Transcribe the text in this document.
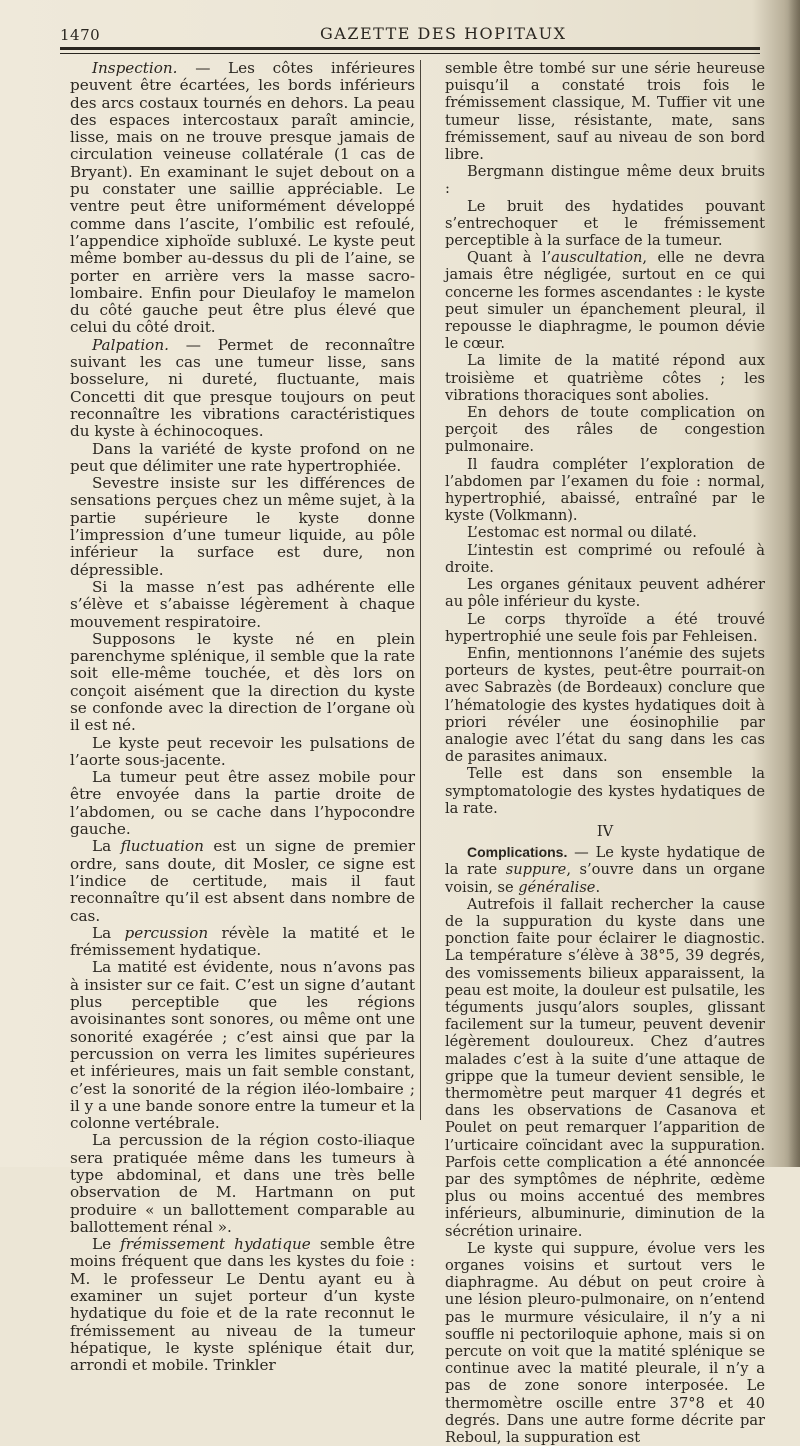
1470	GAZETTE DES HOPITAUX

Inspection. — Les côtes inférieures peuvent être écartées, les bords inférieurs des arcs costaux tournés en dehors. La peau des espaces intercostaux paraît amincie, lisse, mais on ne trouve presque jamais de circulation veineuse collatérale (1 cas de Bryant). En examinant le sujet debout on a pu constater une saillie appréciable. Le ventre peut être uniformément développé comme dans l’ascite, l’ombilic est refoulé, l’appendice xiphoïde subluxé. Le kyste peut même bomber au-dessus du pli de l’aine, se porter en arrière vers la masse sacro-lombaire. Enfin pour Dieulafoy le mamelon du côté gauche peut être plus élevé que celui du côté droit.

Palpation. — Permet de reconnaître suivant les cas une tumeur lisse, sans bosselure, ni dureté, fluctuante, mais Concetti dit que presque toujours on peut reconnaître les vibrations caractéristiques du kyste à échinocoques.

Dans la variété de kyste profond on ne peut que délimiter une rate hypertrophiée.

Sevestre insiste sur les différences de sensations perçues chez un même sujet, à la partie supérieure le kyste donne l’impression d’une tumeur liquide, au pôle inférieur la surface est dure, non dépressible.

Si la masse n’est pas adhérente elle s’élève et s’abaisse légèrement à chaque mouvement respiratoire.

Supposons le kyste né en plein parenchyme splénique, il semble que la rate soit elle-même touchée, et dès lors on conçoit aisément que la direction du kyste se confonde avec la direction de l’organe où il est né.

Le kyste peut recevoir les pulsations de l’aorte sous-jacente.

La tumeur peut être assez mobile pour être envoyée dans la partie droite de l’abdomen, ou se cache dans l’hypocondre gauche.

La fluctuation est un signe de premier ordre, sans doute, dit Mosler, ce signe est l’indice de certitude, mais il faut reconnaître qu’il est absent dans nombre de cas.

La percussion révèle la matité et le frémissement hydatique.

La matité est évidente, nous n’avons pas à insister sur ce fait. C’est un signe d’autant plus perceptible que les régions avoisinantes sont sonores, ou même ont une sonorité exagérée ; c’est ainsi que par la percussion on verra les limites supérieures et inférieures, mais un fait semble constant, c’est la sonorité de la région iléo-lombaire ; il y a une bande sonore entre la tumeur et la colonne vertébrale.

La percussion de la région costo-iliaque sera pratiquée même dans les tumeurs à type abdominal, et dans une très belle observation de M. Hartmann on put produire « un ballottement comparable au ballottement rénal ».

Le frémissement hydatique semble être moins fréquent que dans les kystes du foie : M. le professeur Le Dentu ayant eu à examiner un sujet porteur d’un kyste hydatique du foie et de la rate reconnut le frémissement au niveau de la tumeur hépatique, le kyste splénique était dur, arrondi et mobile. Trinkler

semble être tombé sur une série heureuse puisqu’il a constaté trois fois le frémissement classique, M. Tuffier vit une tumeur lisse, résistante, mate, sans frémissement, sauf au niveau de son bord libre.

Bergmann distingue même deux bruits :

Le bruit des hydatides pouvant s’entrechoquer et le frémissement perceptible à la surface de la tumeur.

Quant à l’auscultation, elle ne devra jamais être négligée, surtout en ce qui concerne les formes ascendantes : le kyste peut simuler un épanchement pleural, il repousse le diaphragme, le poumon dévie le cœur.

La limite de la matité répond aux troisième et quatrième côtes ; les vibrations thoraciques sont abolies.

En dehors de toute complication on perçoit des râles de congestion pulmonaire.

Il faudra compléter l’exploration de l’abdomen par l’examen du foie : normal, hypertrophié, abaissé, entraîné par le kyste (Volkmann).

L’estomac est normal ou dilaté.

L’intestin est comprimé ou refoulé à droite.

Les organes génitaux peuvent adhérer au pôle inférieur du kyste.

Le corps thyroïde a été trouvé hypertrophié une seule fois par Fehleisen.

Enfin, mentionnons l’anémie des sujets porteurs de kystes, peut-être pourrait-on avec Sabrazès (de Bordeaux) conclure que l’hématologie des kystes hydatiques doit à priori révéler une éosinophilie par analogie avec l’état du sang dans les cas de parasites animaux.

Telle est dans son ensemble la symptomatologie des kystes hydatiques de la rate.

IV

Complications. — Le kyste hydatique de la rate suppure, s’ouvre dans un organe voisin, se généralise.

Autrefois il fallait rechercher la cause de la suppuration du kyste dans une ponction faite pour éclairer le diagnostic. La température s’élève à 38°5, 39 degrés, des vomissements bilieux apparaissent, la peau est moite, la douleur est pulsatile, les téguments jusqu’alors souples, glissant facilement sur la tumeur, peuvent devenir légèrement douloureux. Chez d’autres malades c’est à la suite d’une attaque de grippe que la tumeur devient sensible, le thermomètre peut marquer 41 degrés et dans les observations de Casanova et Poulet on peut remarquer l’apparition de l’urticaire coïncidant avec la suppuration. Parfois cette complication a été annoncée par des symptômes de néphrite, œdème plus ou moins accentué des membres inférieurs, albuminurie, diminution de la sécrétion urinaire.

Le kyste qui suppure, évolue vers les organes voisins et surtout vers le diaphragme. Au début on peut croire à une lésion pleuro-pulmonaire, on n’entend pas le murmure vésiculaire, il n’y a ni souffle ni pectoriloquie aphone, mais si on percute on voit que la matité splénique se continue avec la matité pleurale, il n’y a pas de zone sonore interposée. Le thermomètre oscille entre 37°8 et 40 degrés. Dans une autre forme décrite par Reboul, la suppuration est
